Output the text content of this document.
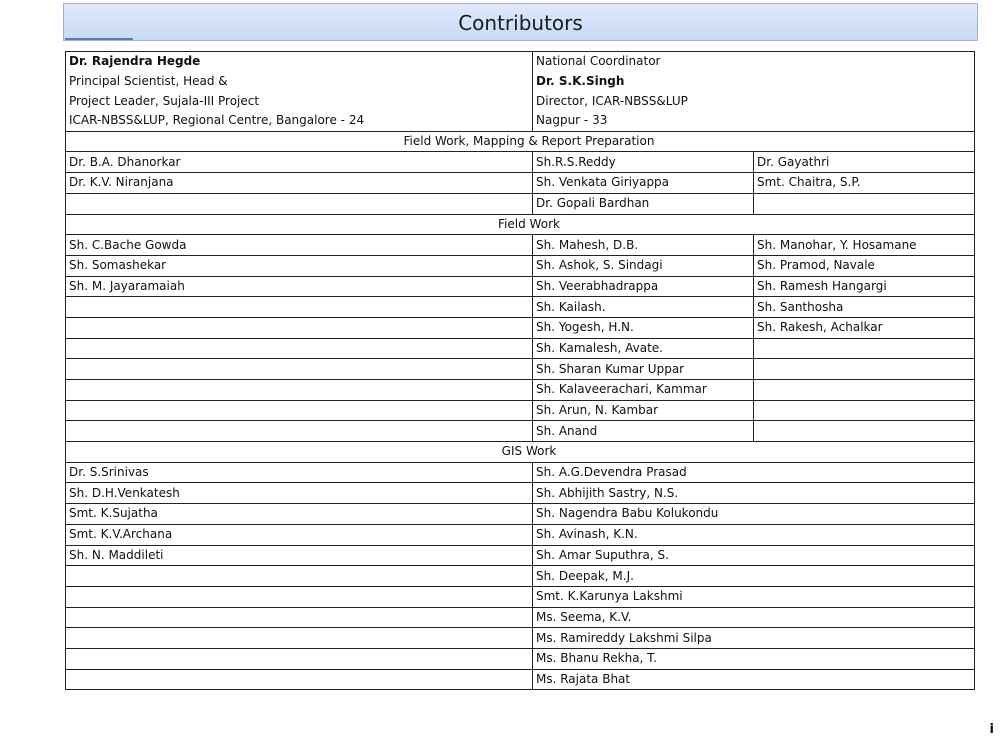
Contributors
Dr. Rajendra Hegde	National Coordinator	
Principal Scientist, Head &	Dr. S.K.Singh	
Project Leader, Sujala-III Project	Director, ICAR-NBSS&LUP	
ICAR-NBSS&LUP, Regional Centre, Bangalore - 24	Nagpur - 33	
Field Work, Mapping & Report Preparation		
Dr. B.A. Dhanorkar	Sh.R.S.Reddy	Dr. Gayathri
Dr. K.V. Niranjana	Sh. Venkata Giriyappa	Smt. Chaitra, S.P.
	Dr. Gopali Bardhan	
Field Work		
Sh. C.Bache Gowda	Sh. Mahesh, D.B.	Sh. Manohar, Y. Hosamane
Sh. Somashekar	Sh. Ashok, S. Sindagi	Sh. Pramod, Navale
Sh. M. Jayaramaiah	Sh. Veerabhadrappa	Sh. Ramesh Hangargi
	Sh. Kailash.	Sh. Santhosha
	Sh. Yogesh, H.N.	Sh. Rakesh, Achalkar
	Sh. Kamalesh, Avate.	
	Sh. Sharan Kumar Uppar	
	Sh. Kalaveerachari, Kammar	
	Sh. Arun, N. Kambar	
	Sh. Anand	
GIS Work		
Dr. S.Srinivas	Sh. A.G.Devendra Prasad	
Sh. D.H.Venkatesh	Sh. Abhijith Sastry, N.S.	
Smt. K.Sujatha	Sh. Nagendra Babu Kolukondu	
Smt. K.V.Archana	Sh. Avinash, K.N.	
Sh. N. Maddileti	Sh. Amar Suputhra, S.	
	Sh. Deepak, M.J.	
	Smt. K.Karunya Lakshmi	
	Ms. Seema, K.V.	
	Ms. Ramireddy Lakshmi Silpa	
	Ms. Bhanu Rekha, T.	
	Ms. Rajata Bhat	
i
